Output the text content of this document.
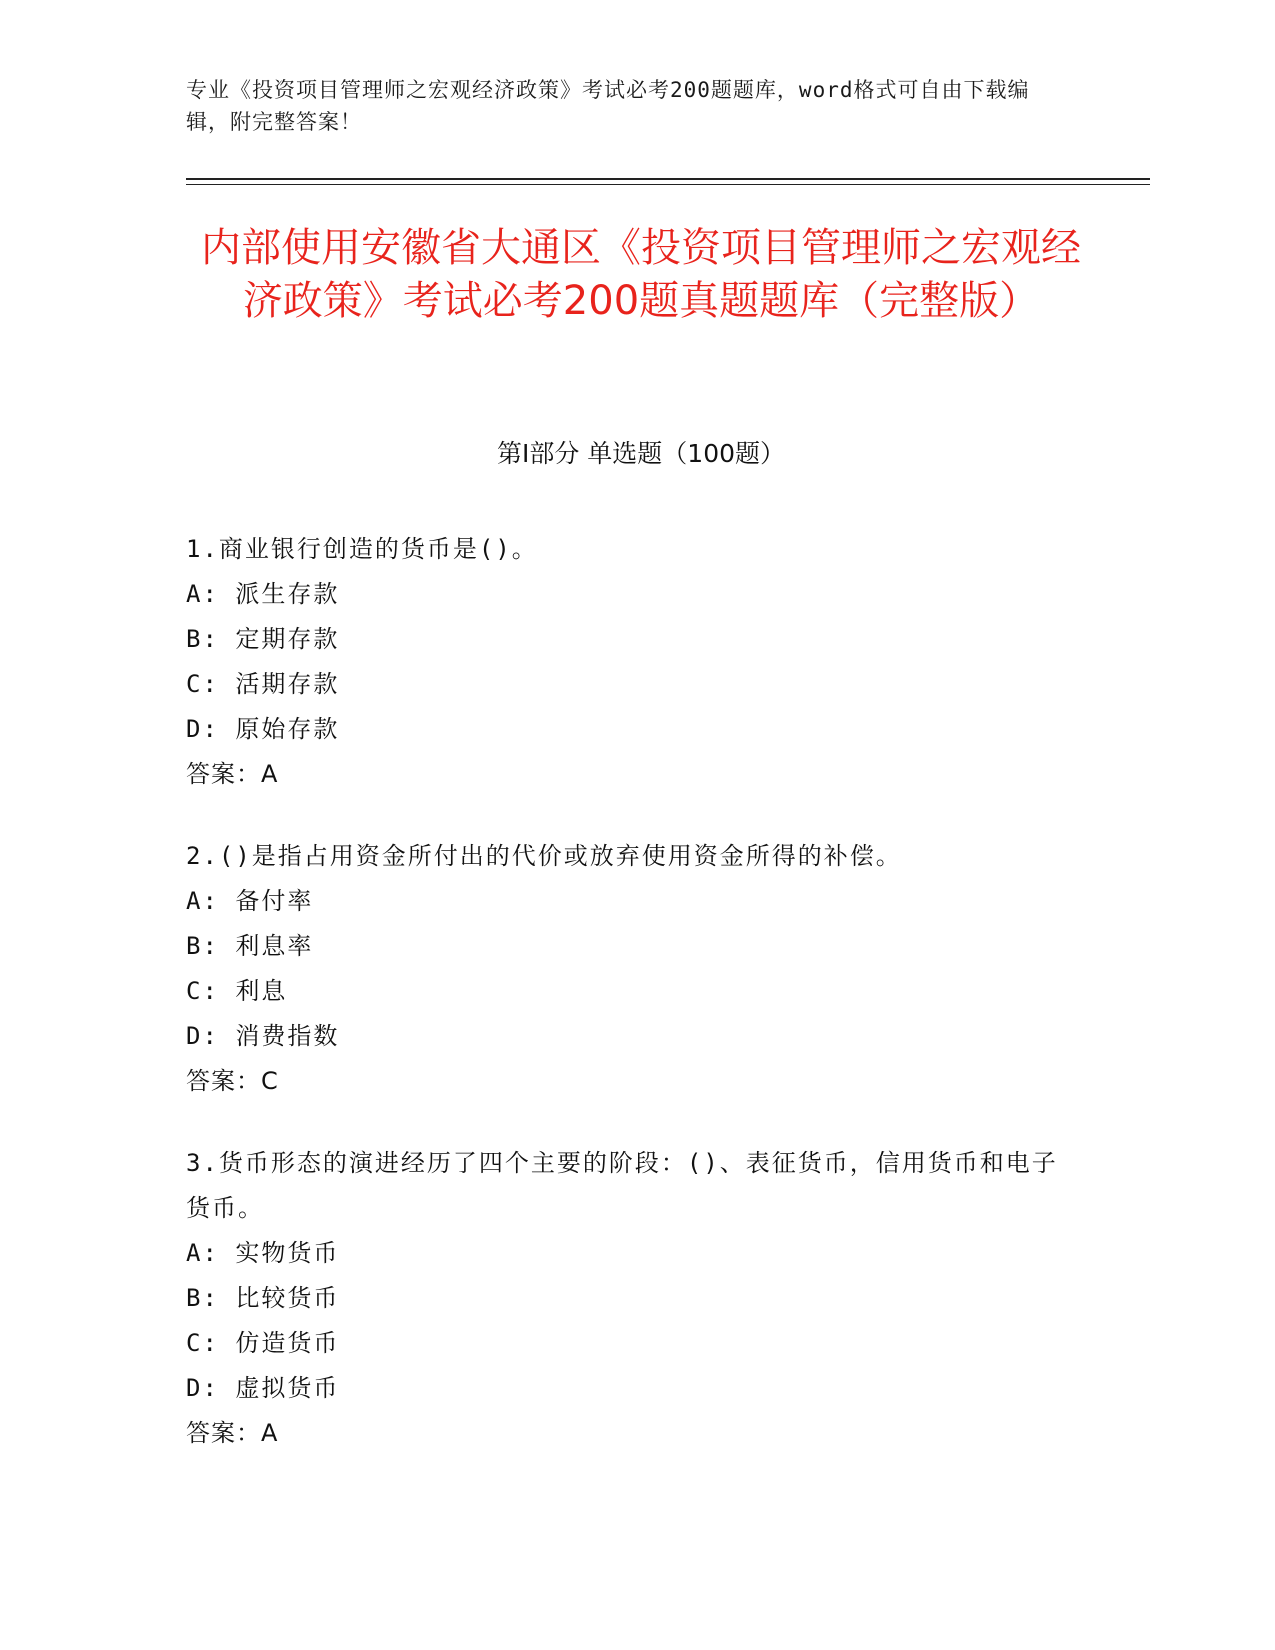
专业《投资项目管理师之宏观经济政策》考试必考200题题库，word格式可自由下载编辑，附完整答案！

内部使用安徽省大通区《投资项目管理师之宏观经济政策》考试必考200题真题题库（完整版）
第Ⅰ部分 单选题（100题）

1.商业银行创造的货币是()。

A: 派生存款

B: 定期存款

C: 活期存款

D: 原始存款

答案：A

2.()是指占用资金所付出的代价或放弃使用资金所得的补偿。

A: 备付率

B: 利息率

C: 利息

D: 消费指数

答案：C

3.货币形态的演进经历了四个主要的阶段：()、表征货币，信用货币和电子货币。

A: 实物货币

B: 比较货币

C: 仿造货币

D: 虚拟货币

答案：A
